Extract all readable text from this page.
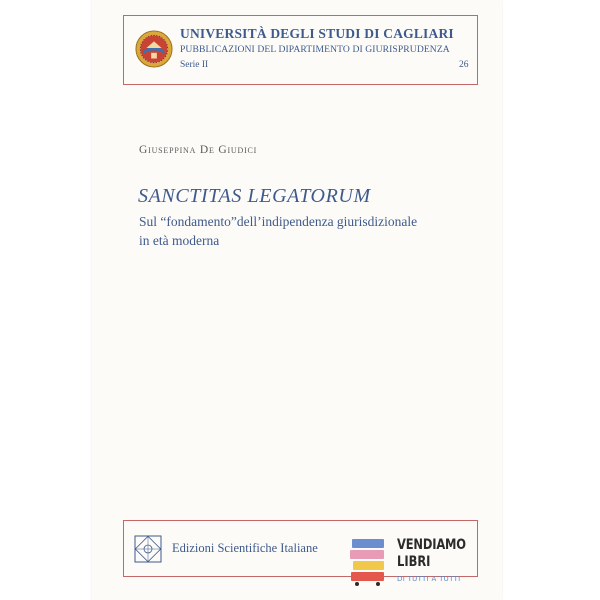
UNIVERSITÀ DEGLI STUDI DI CAGLIARI
PUBBLICAZIONI DEL DIPARTIMENTO DI GIURISPRUDENZA
Serie II	26
Giuseppina De Giudici
SANCTITAS LEGATORUM
Sul “fondamento”dell’indipendenza giurisdizionale
in età moderna
Edizioni Scientifiche Italiane	VENDIAMO
LIBRI
DI TUTTI A TUTTI
